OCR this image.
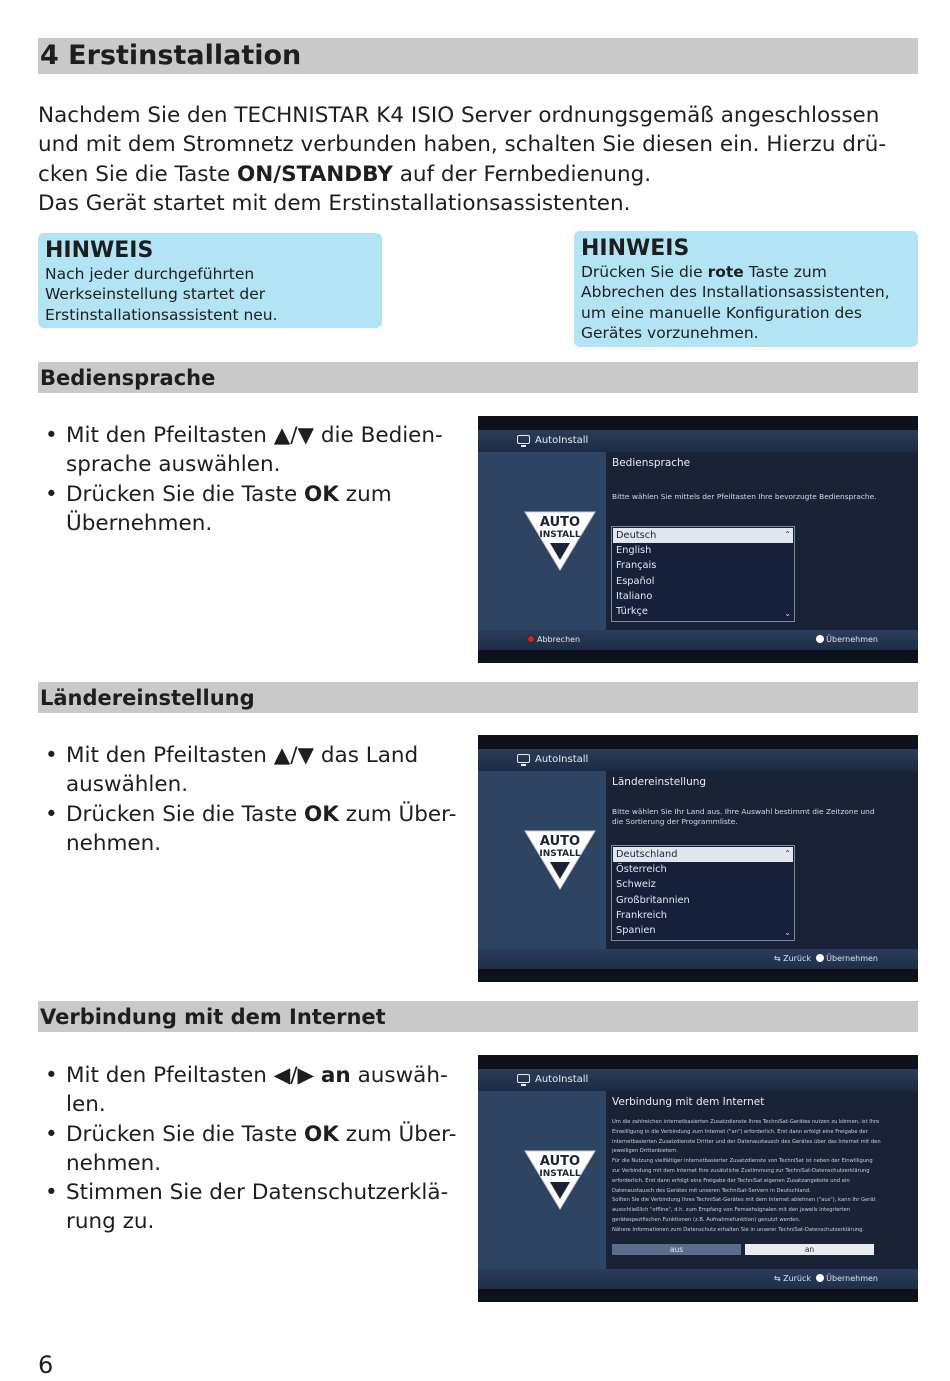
4 Erstinstallation

Nachdem Sie den TECHNISTAR K4 ISIO Server ordnungsgemäß angeschlossen und mit dem Stromnetz verbunden haben, schalten Sie diesen ein. Hierzu drü- cken Sie die Taste ON/STANDBY auf der Fernbedienung.

Das Gerät startet mit dem Erstinstallationsassistenten.

HINWEIS
Nach jeder durchgeführten Werkseinstellung startet der Erstinstallationsassistent neu.
HINWEIS
Drücken Sie die rote Taste zum Abbrechen des Installationsassistenten, um eine manuelle Konfiguration des Gerätes vorzunehmen.
Bediensprache
• Mit den Pfeiltasten ▲/▼ die Bedien- sprache auswählen.
• Drücken Sie die Taste OK zum Übernehmen.
AutoInstall
AUTO
INSTALL
Bediensprache
Bitte wählen Sie mittels der Pfeiltasten Ihre bevorzugte Bediensprache.
Deutsch
English
Français
Español
Italiano
Türkçe
⌃
⌄
Abbrechen	Übernehmen
Ländereinstellung
• Mit den Pfeiltasten ▲/▼ das Land auswählen.
• Drücken Sie die Taste OK zum Über- nehmen.
AutoInstall
AUTO
INSTALL
Ländereinstellung
Bitte wählen Sie Ihr Land aus. Ihre Auswahl bestimmt die Zeitzone und die Sortierung der Programmliste.
Deutschland
Österreich
Schweiz
Großbritannien
Frankreich
Spanien
⌃
⌄
⇆ Zurück Übernehmen
Verbindung mit dem Internet
• Mit den Pfeiltasten ◀/▶ an auswäh- len.
• Drücken Sie die Taste OK zum Über- nehmen.
• Stimmen Sie der Datenschutzerklä- rung zu.
AutoInstall
AUTO
INSTALL
Verbindung mit dem Internet

Um die zahlreichen internetbasierten Zusatzdienste Ihres TechniSat-Gerätes nutzen zu können, ist Ihre Einwilligung in die Verbindung zum Internet ("an") erforderlich. Erst dann erfolgt eine Freigabe der internetbasierten Zusatzdienste Dritter und der Datenaustausch des Gerätes über das Internet mit den jeweiligen Drittanbietern.

Für die Nutzung vielfältiger internetbasierter Zusatzdienste von TechniSat ist neben der Einwilligung zur Verbindung mit dem Internet Ihre zusätzliche Zustimmung zur TechniSat-Datenschutzerklärung erforderlich. Erst dann erfolgt eine Freigabe der TechniSat eigenen Zusatzangebote und ein Datenaustausch des Gerätes mit unseren TechniSat-Servern in Deutschland.

Sollten Sie die Verbindung Ihres TechniSat-Gerätes mit dem Internet ablehnen ("aus"), kann Ihr Gerät ausschließlich "offline", d.h. zum Empfang von Fernsehsignalen mit den jeweils integrierten gerätespezifischen Funktionen (z.B. Aufnahmefunktion) genutzt werden.

Nähere Informationen zum Datenschutz erhalten Sie in unserer TechniSat-Datenschutzerklärung.

aus	an
⇆ Zurück Übernehmen
6
